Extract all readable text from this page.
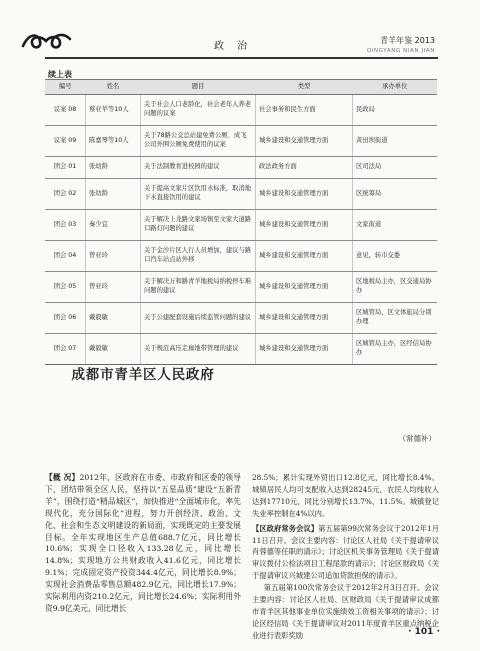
政 治
青羊年鉴 2013
QINGYANG NIAN JIAN
续上表
编号	姓名	题目	类型	承办单位
议案 08	蔡亚苹等10人	关于社会人口老龄化，社会老年人养老问题的议案	社会事务和民生方面	民政局
议案 09	陈嘉琴等10人	关于78路公交总站建免费公厕、成飞公司外围公厕免费使用的议案	城乡建设和交通管理方面	黄田坝街道
团会 01	张幼龄	关于法制教育进校园的建议	政法政务方面	区司法局
团会 02	张幼龄	关于提高文家片区饮用水标准，取消地下水直接饮用的建议	城乡建设和交通管理方面	区统筹局
团会 03	秦少宜	关于解决上龙路文家场镇至文家大道路口路灯问题的建议	城乡建设和交通管理方面	文家街道
团会 04	曾亚玲	关于金沙片区人行人员增加，建议与路口汽车站点站外移	城乡建设和交通管理方面	意见，转市交委
团会 05	曾亚玲	关于解决万和路青羊地税局纳税停车难问题的建议	城乡建设和交通管理方面	区地税局主办，区交通局协办
团会 06	戴毅敏	关于公建配套设施后续监管问题的建议	城乡建设和交通管理方面	区城管局、区文体旅局分别办理
团会 07	戴毅敏	关于规范高压走廊地带管理的建议	城乡建设和交通管理方面	区城管局主办，区经信局协办
（常德补）
成都市青羊区人民政府

【概 况】2012年，区政府在市委、市政府和区委的领导下，团结带领全区人民，坚持以“五星品质”建设“五新青羊”，围绕打造“精品城区”，加快推进“全面城市化，率先现代化，充分国际化”进程，努力开创经济、政治、文化、社会和生态文明建设的新局面，实现既定的主要发展目标。全年实现地区生产总值688.7亿元，同比增长10.6%；实现全口径收入133.28亿元，同比增长14.8%；实现地方公共财政收入41.6亿元，同比增长9.1%；完成固定资产投资344.4亿元，同比增长8.9%；实现社会消费品零售总额482.9亿元，同比增长17.9%；实际利用内资210.2亿元，同比增长24.6%；实际利用外资9.9亿美元，同比增长

28.5%；累计实现外贸出口12.8亿元，同比增长8.4%。城镇居民人均可支配收入达到28245元，农民人均纯收入达到17710元，同比分别增长13.7%、11.5%。城镇登记失业率控制在4%以内。

【区政府常务会议】第五届第99次常务会议于2012年1月11日召开。会议主要内容：讨论区人社局《关于提请审议肖蓉德等任职的请示》；讨论区机关事务管理局《关于提请审议拨付公检法项目工程尾款的请示》；讨论区财政局《关于提请审议兴城建公司追加贷款担保的请示》。

第五届第100次常务会议于2012年2月3日召开。会议主要内容：讨论区人社局、区财政局《关于提请审议成都市青羊区其他事业单位实施绩效工资相关事项的请示》；讨论区经信局《关于提请审议对2011年度青羊区重点纳税企业进行表彰奖励	· 101 ·
